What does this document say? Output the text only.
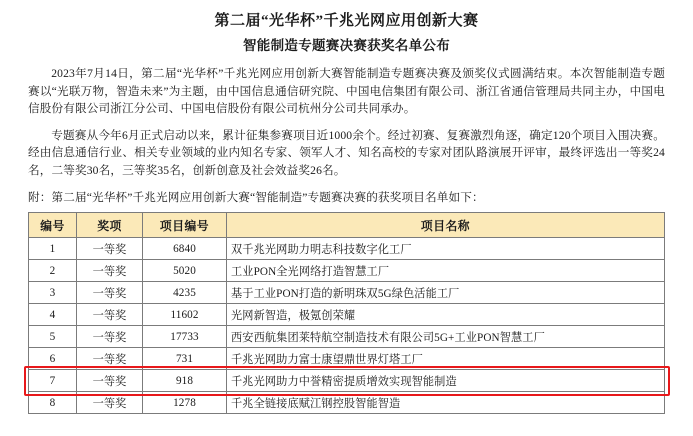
第二届“光华杯”千兆光网应用创新大赛
智能制造专题赛决赛获奖名单公布

2023年7月14日，第二届“光华杯”千兆光网应用创新大赛智能制造专题赛决赛及颁奖仪式圆满结束。本次智能制造专题赛以“光联万物，智造未来”为主题，由中国信息通信研究院、中国电信集团有限公司、浙江省通信管理局共同主办，中国电信股份有限公司浙江分公司、中国电信股份有限公司杭州分公司共同承办。

专题赛从今年6月正式启动以来，累计征集参赛项目近1000余个。经过初赛、复赛激烈角逐，确定120个项目入围决赛。经由信息通信行业、相关专业领域的业内知名专家、领军人才、知名高校的专家对团队路演展开评审，最终评选出一等奖24名，二等奖30名，三等奖35名，创新创意及社会效益奖26名。

附：第二届“光华杯”千兆光网应用创新大赛“智能制造”专题赛决赛的获奖项目名单如下：
编号	奖项	项目编号	项目名称
1	一等奖	6840	双千兆光网助力明志科技数字化工厂
2	一等奖	5020	工业PON全光网络打造智慧工厂
3	一等奖	4235	基于工业PON打造的新明珠双5G绿色活能工厂
4	一等奖	11602	光网新智造，极氪创荣耀
5	一等奖	17733	西安西航集团莱特航空制造技术有限公司5G+工业PON智慧工厂
6	一等奖	731	千兆光网助力富士康望鼎世界灯塔工厂
7	一等奖	918	千兆光网助力中誉精密提质增效实现智能制造
8	一等奖	1278	千兆全链接底赋江钢控股智能智造
